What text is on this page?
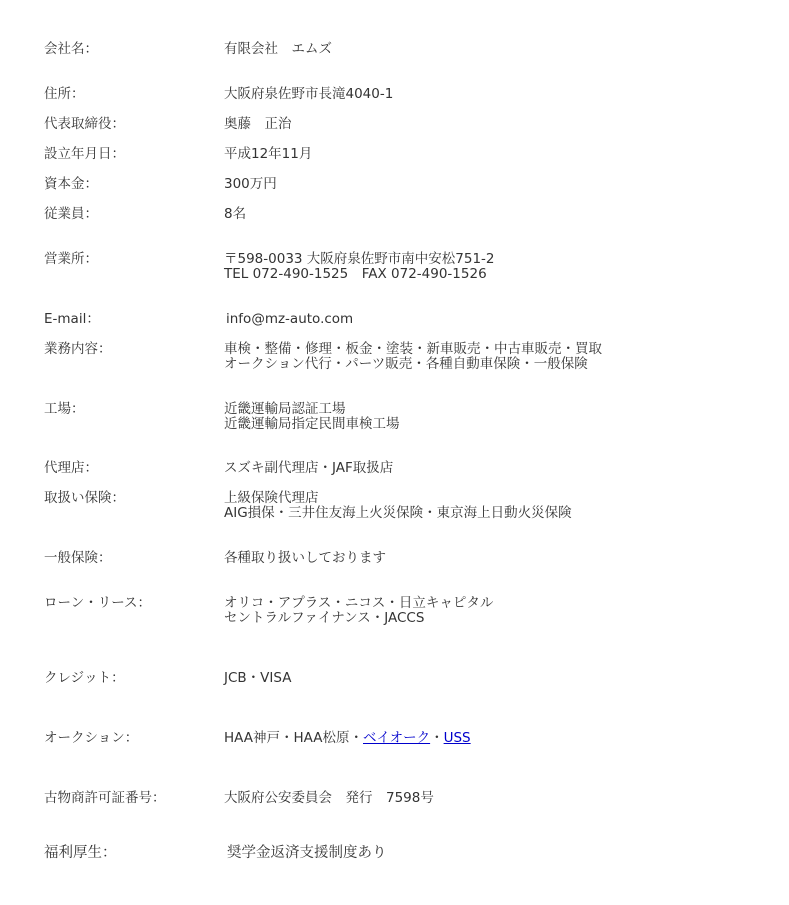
会社名：	有限会社　エムズ
住所：	大阪府泉佐野市長滝4040-1
代表取締役：	奥藤　正治
設立年月日：	平成12年11月
資本金：	300万円
従業員：	8名
営業所：	〒598-0033 大阪府泉佐野市南中安松751-2
TEL 072-490-1525　FAX 072-490-1526
E-mail：	info@mz-auto.com
業務内容：	車検・整備・修理・板金・塗装・新車販売・中古車販売・買取
オークション代行・パーツ販売・各種自動車保険・一般保険
工場：	近畿運輸局認証工場
近畿運輸局指定民間車検工場
代理店：	スズキ副代理店・JAF取扱店
取扱い保険：	上級保険代理店
AIG損保・三井住友海上火災保険・東京海上日動火災保険
一般保険：	各種取り扱いしております
ローン・リース：	オリコ・アプラス・ニコス・日立キャピタル
セントラルファイナンス・JACCS
クレジット：	JCB・VISA
オークション：	HAA神戸・HAA松原・ベイオーク・USS
古物商許可証番号：	大阪府公安委員会　発行　7598号
福利厚生：	奨学金返済支援制度あり
